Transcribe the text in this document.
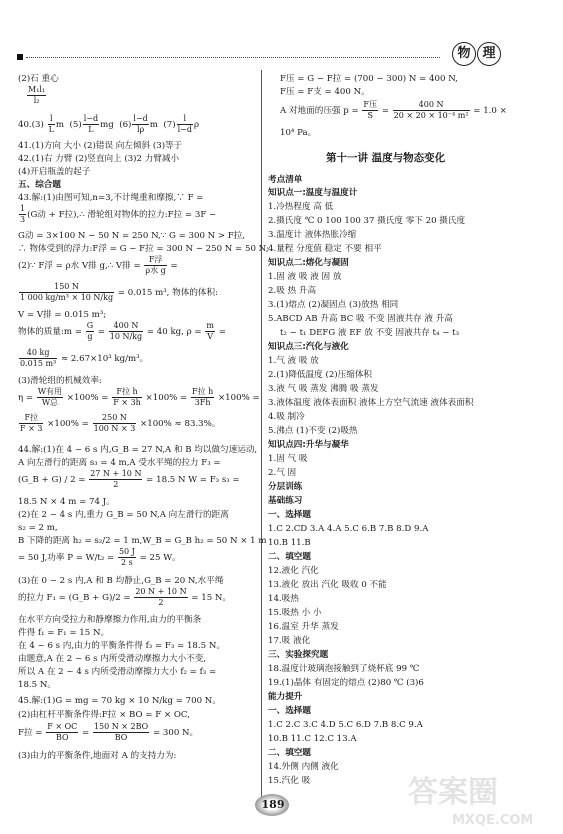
物 理
(2)石 重心
$\frac{\text{M₁l₁}}{\text{l₂}}$
$40.(3) \frac{l}{L}$ m $(5) \frac{l-d}{L}$ mg $(6) \frac{l-d}{l\rho}$ m $(7) \frac{l}{l-d}$ ρ
41.(1)方向 大小 (2)错误 向左倾斜 (3)等于
42.(1)右 力臂 (2)竖直向上 (3)2 力臂减小
(4)开启瓶盖的起子
五、综合题
43.解:(1)由图可知,n=3,不计绳重和摩擦,∵ F =
$\frac{1}{3} (G$动 + F拉),∴ 滑轮组对物体的拉力:F拉 = 3F −
G动 = 3×100 N − 50 N = 250 N,∵ G = 300 N > F拉,
∴ 物体受到的浮力:F浮 = G − F拉 = 300 N − 250 N = 50 N;
(2)∵ F浮 = ρ水 V排 g,∴ V排 =
F浮
ρ水 g =
$\frac{150 N}{\text{1 000 kg/m³ × 10 N/kg}} = 0.015$ m³, 物体的体积:
V = V排 = 0.015 m³;
物体的质量:m = $\frac{G}{g} = \frac{400 N}{10 N/kg} = 40$ kg, $\rho = \frac{m}{V}$ =
$\frac{40 kg}{\text{0.015 m³}} \approx 2.67\times 10^3$ kg/m³。
(3)滑轮组的机械效率:
η =
W有用
W总 ×100% =
F拉 h
F × 3h ×100% =
F拉 h
3Fh ×100% =
F拉
$F \times 3 \times 100\% = \frac{250 N}{100 N \times 3} \times 100\% \approx 83.3\%$。
44.解:(1)在 4 ~ 6 s 内,G_B = 27 N,A 和 B 均以做匀速运动,
A 向左滑行的距离 s₃ = 4 m,A 受水平绳的拉力 F₃ =
(G_B + $G) / 2 = \frac{27 N + 10 N}{2} = 18.5$ N W = F₃ s₃ =
18.5 N × 4 m = 74 J。
(2)在 2 ~ 4 s 内,重力 G_B = 50 N,A 向左滑行的距离
s₂ = 2 m,
B 下降的距离 h₂ = s₂/2 = 1 m,W_B = G_B h₂ = 50 N × 1 m
= 50 J,功率 $P = W/t_2 = \frac{50 J}{2 s} = 25$ W。
(3)在 0 ~ 2 s 内,A 和 B 均静止,G_B = 20 N,水平绳
的拉力 F₁ = (G_B + $G)/2 = \frac{20 N + 10 N}{2} = 15$ N。
在水平方向受拉力和静摩擦力作用,由力的平衡条
件得 f₁ = F₁ = 15 N。
在 4 ~ 6 s 内,由力的平衡条件得 f₃ = F₃ = 18.5 N。
由题意,A 在 2 ~ 6 s 内所受滑动摩擦力大小不变,
所以 A 在 2 ~ 4 s 内所受滑动摩擦力大小 f₂ = f₃ =
18.5 N。
45.解:(1)G = mg = 70 kg × 10 N/kg = 700 N。
(2)由杠杆平衡条件得:F拉 × BO = F × OC,
F拉 = $\frac{F \times OC}{BO} = \frac{150 N \times 2BO}{BO} = 300$ N。
(3)由力的平衡条件,地面对 A 的支持力为:
F压 = G − F拉 = (700 − 300) N = 400 N,
F压 = F支 = 400 N。
A 对地面的压强 p =
F压
$S = \frac{400 N}{\text{20 × 20 × 10⁻⁴ m²}} = 1.0$ ×
10⁴ Pa。
第十一讲 温度与物态变化
考点清单
知识点一:温度与温度计
1.冷热程度 高 低
2.摄氏度 ℃ 0 100 100 37 摄氏度 零下 20 摄氏度
3.温度计 液体热胀冷缩
4.量程 分度值 稳定 不要 相平
知识点二:熔化与凝固
1.固 液 吸 液 固 放
2.吸 热 升高
3.(1)熔点 (2)凝固点 (3)放热 相同
5.ABCD AB 升高 BC 吸 不变 固液共存 液 升高
t₂ − t₁ DEFG 液 EF 放 不变 固液共存 t₄ − t₃
知识点三:汽化与液化
1.气 液 吸 放
2.(1)降低温度 (2)压缩体积
3.液 气 吸 蒸发 沸腾 吸 蒸发
3.液体温度 液体表面积 液体上方空气流速 液体表面积
4.吸 制冷
5.沸点 (1)不变 (2)吸热
知识点四:升华与凝华
1.固 气 吸
2.气 固
分层训练
基础练习
一、选择题
1.C 2.CD 3.A 4.A 5.C 6.B 7.B 8.D 9.A
10.B 11.B
二、填空题
12.液化 汽化
13.液化 放出 汽化 吸收 0 不能
14.吸热
15.吸热 小 小
16.温室 升华 蒸发
17.吸 液化
三、实验探究题
18.温度计玻璃泡接触到了烧杯底 99 ℃
19.(1)晶体 有固定的熔点 (2)80 ℃ (3)6
能力提升
一、选择题
1.C 2.C 3.C 4.D 5.C 6.D 7.B 8.C 9.A
10.B 11.C 12.C 13.A
二、填空题
14.外侧 内侧 液化
15.汽化 吸
189	答案圈
MXQE.COM
